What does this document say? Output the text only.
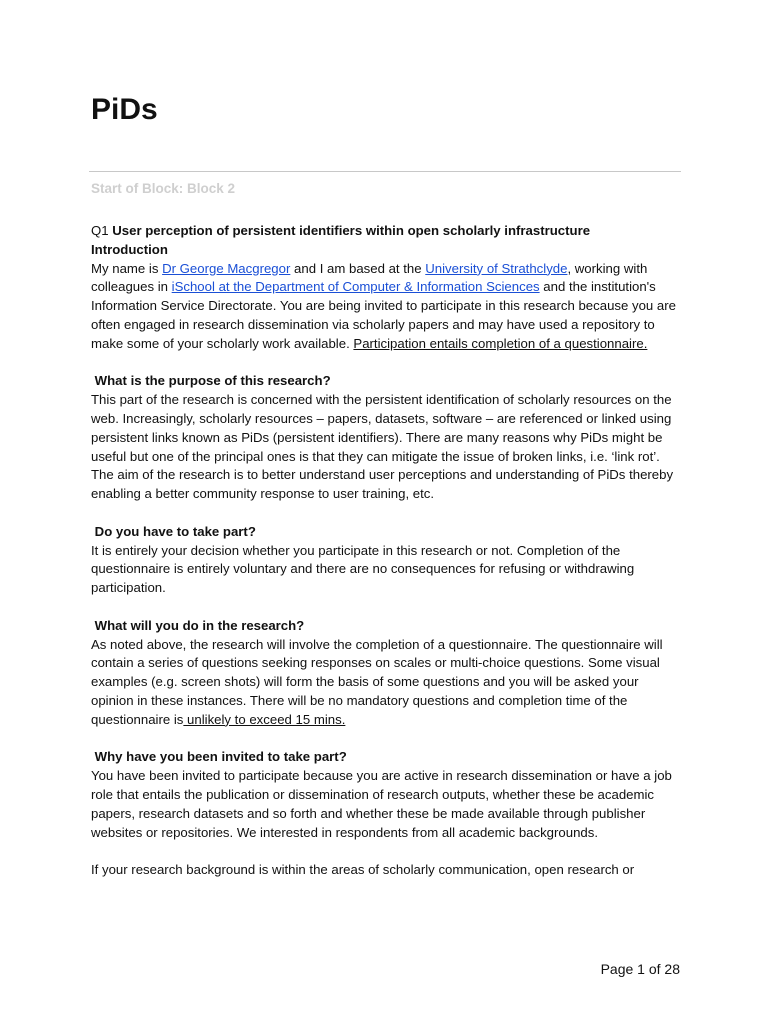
PiDs
Start of Block: Block 2

Q1 User perception of persistent identifiers within open scholarly infrastructure

Introduction

My name is Dr George Macgregor and I am based at the University of Strathclyde, working with colleagues in iSchool at the Department of Computer & Information Sciences and the institution's Information Service Directorate. You are being invited to participate in this research because you are often engaged in research dissemination via scholarly papers and may have used a repository to make some of your scholarly work available. Participation entails completion of a questionnaire.

What is the purpose of this research?

This part of the research is concerned with the persistent identification of scholarly resources on the web. Increasingly, scholarly resources – papers, datasets, software – are referenced or linked using persistent links known as PiDs (persistent identifiers). There are many reasons why PiDs might be useful but one of the principal ones is that they can mitigate the issue of broken links, i.e. ‘link rot’. The aim of the research is to better understand user perceptions and understanding of PiDs thereby enabling a better community response to user training, etc.

Do you have to take part?

It is entirely your decision whether you participate in this research or not. Completion of the questionnaire is entirely voluntary and there are no consequences for refusing or withdrawing participation.

What will you do in the research?

As noted above, the research will involve the completion of a questionnaire. The questionnaire will contain a series of questions seeking responses on scales or multi-choice questions. Some visual examples (e.g. screen shots) will form the basis of some questions and you will be asked your opinion in these instances. There will be no mandatory questions and completion time of the questionnaire is unlikely to exceed 15 mins.

Why have you been invited to take part?

You have been invited to participate because you are active in research dissemination or have a job role that entails the publication or dissemination of research outputs, whether these be academic papers, research datasets and so forth and whether these be made available through publisher websites or repositories. We interested in respondents from all academic backgrounds.

If your research background is within the areas of scholarly communication, open research or

Page 1 of 28
